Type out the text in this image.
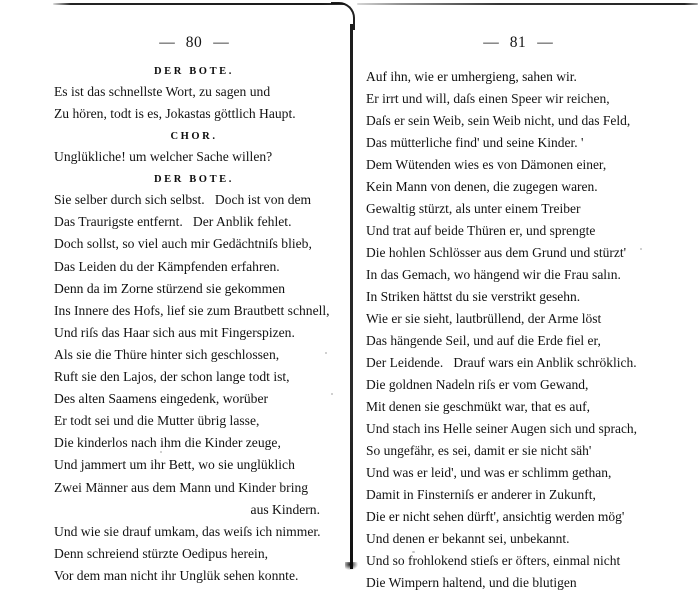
— 80 —
DER BOTE.
Es ist das schnellste Wort, zu sagen und
Zu hören, todt is es, Jokastas göttlich Haupt.
CHOR.
Unglükliche! um welcher Sache willen?
DER BOTE.
Sie selber durch sich selbst.   Doch ist von dem
Das Traurigste entfernt.   Der Anblik fehlet.
Doch sollst, so viel auch mir Gedächtniſs blieb,
Das Leiden du der Kämpfenden erfahren.
Denn da im Zorne stürzend sie gekommen
Ins Innere des Hofs, lief sie zum Brautbett schnell,
Und riſs das Haar sich aus mit Fingerspizen.
Als sie die Thüre hinter sich geschlossen,
Ruft sie den Lajos, der schon lange todt ist,
Des alten Saamens eingedenk, worüber
Er todt sei und die Mutter übrig lasse,
Die kinderlos nach ihm die Kinder zeuge,
Und jammert um ihr Bett, wo sie unglüklich
Zwei Männer aus dem Mann und Kinder bring
aus Kindern.
Und wie sie drauf umkam, das weiſs ich nimmer.
Denn schreiend stürzte Oedipus herein,
Vor dem man nicht ihr Unglük sehen konnte.
— 81 —
Auf ihn, wie er umhergieng, sahen wir.
Er irrt und will, daſs einen Speer wir reichen,
Daſs er sein Weib, sein Weib nicht, und das Feld,
Das mütterliche find' und seine Kinder. '
Dem Wütenden wies es von Dämonen einer,
Kein Mann von denen, die zugegen waren.
Gewaltig stürzt, als unter einem Treiber
Und trat auf beide Thüren er, und sprengte
Die hohlen Schlösser aus dem Grund und stürzt'
In das Gemach, wo hängend wir die Frau salın.
In Striken hättst du sie verstrikt gesehn.
Wie er sie sieht, lautbrüllend, der Arme löst
Das hängende Seil, und auf die Erde fiel er,
Der Leidende.   Drauf wars ein Anblik schröklich.
Die goldnen Nadeln riſs er vom Gewand,
Mit denen sie geschmükt war, that es auf,
Und stach ins Helle seiner Augen sich und sprach,
So ungefähr, es sei, damit er sie nicht säh'
Und was er leid', und was er schlimm gethan,
Damit in Finsterniſs er anderer in Zukunft,
Die er nicht sehen dürft', ansichtig werden mög'
Und denen er bekannt sei, unbekannt.
Und so frohlokend stieſs er öfters, einmal nicht
Die Wimpern haltend, und die blutigen
